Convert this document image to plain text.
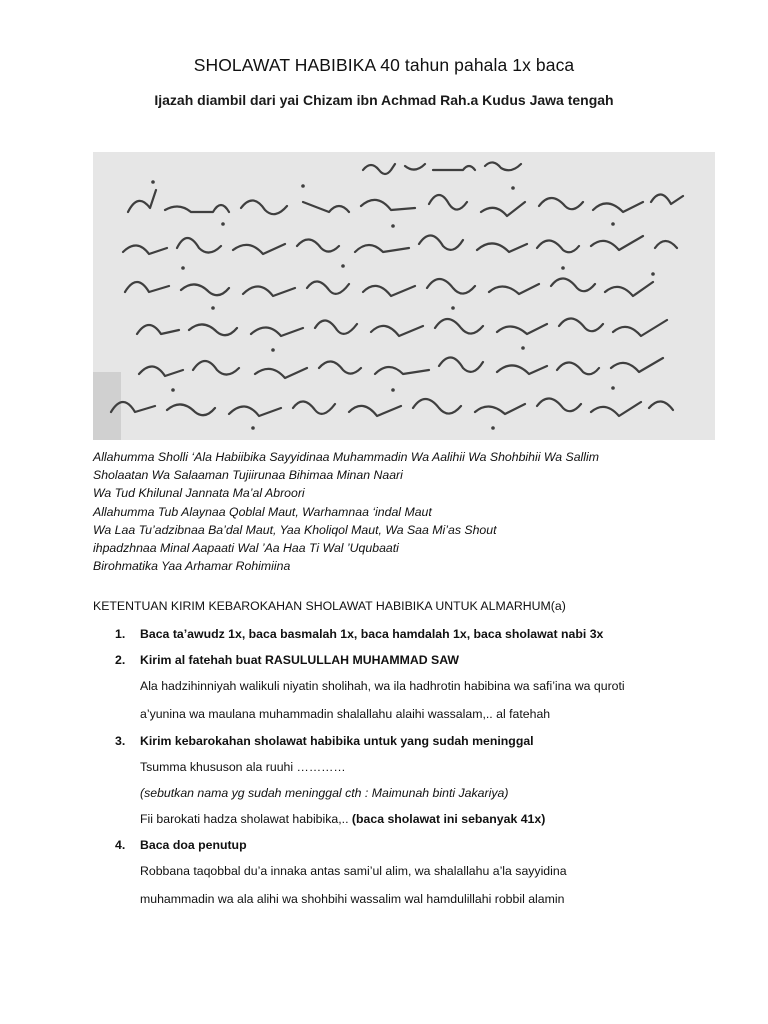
SHOLAWAT HABIBIKA 40 tahun pahala 1x baca
Ijazah diambil dari yai Chizam ibn Achmad Rah.a Kudus Jawa tengah
Allahumma Sholli ‘Ala Habiibika Sayyidinaa Muhammadin Wa Aalihii Wa Shohbihii Wa Sallim
Sholaatan Wa Salaaman Tujiirunaa Bihimaa Minan Naari
Wa Tud Khilunal Jannata Ma’al Abroori
Allahumma Tub Alaynaa Qoblal Maut, Warhamnaa ‘indal Maut
Wa Laa Tu’adzibnaa Ba’dal Maut, Yaa Kholiqol Maut, Wa Saa Mi’as Shout
ihpadzhnaa Minal Aapaati Wal ’Aa Haa Ti Wal ’Uqubaati
Birohmatika Yaa Arhamar Rohimiina
KETENTUAN KIRIM KEBAROKAHAN SHOLAWAT HABIBIKA UNTUK ALMARHUM(a)
1. Baca ta’awudz 1x, baca basmalah 1x, baca hamdalah 1x, baca sholawat nabi 3x
2. Kirim al fatehah buat RASULULLAH MUHAMMAD SAW
Ala hadzihinniyah walikuli niyatin sholihah, wa ila hadhrotin habibina wa safi’ina wa quroti
a’yunina wa maulana muhammadin shalallahu alaihi wassalam,.. al fatehah
3. Kirim kebarokahan sholawat habibika untuk yang sudah meninggal
Tsumma khususon ala ruuhi …………
(sebutkan nama yg sudah meninggal cth : Maimunah binti Jakariya)
Fii barokati hadza sholawat habibika,.. (baca sholawat ini sebanyak 41x)
4. Baca doa penutup
Robbana taqobbal du’a innaka antas sami’ul alim, wa shalallahu a’la sayyidina
muhammadin wa ala alihi wa shohbihi wassalim wal hamdulillahi robbil alamin
